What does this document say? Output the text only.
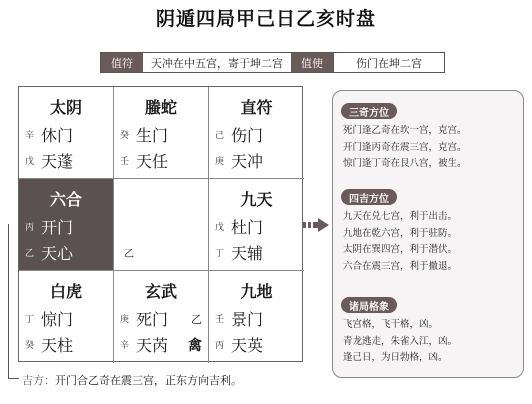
阴遁四局甲己日乙亥时盘
值符	天冲在中五宫，寄于坤二宫	值使	伤门在坤二宫
太阴
辛 休门
戊 天蓬
螣蛇
癸 生门
壬 天任
直符
己 伤门
庚 天冲
六合
丙 开门
乙 天心	乙
九天
戊 杜门
丁 天辅
白虎
丁 惊门
癸 天柱
玄武
庚 死门 乙
辛 天芮 禽
九地
壬 景门
丙 天英
三奇方位
死门逢乙奇在坎一宫，克宫。
开门逢丙奇在震三宫，克宫。
惊门逢丁奇在艮八宫，被生。
四吉方位
九天在兑七宫，利于出击。
九地在乾六宫，利于驻防。
太阴在巽四宫，利于潜伏。
六合在震三宫，利于撤退。
诸局格象
飞宫格，飞干格，凶。
青龙逃走，朱雀入江，凶。
逢己日，为日勃格，凶。
吉方： 开门合乙奇在震三宫，正东方向吉利。
